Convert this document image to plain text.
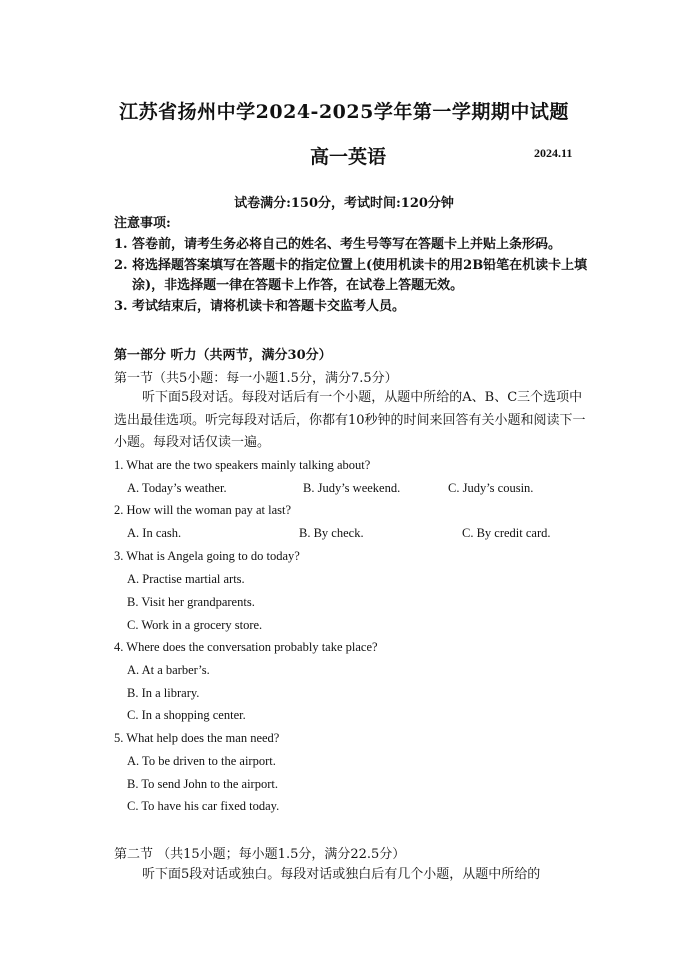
江苏省扬州中学2024-2025学年第一学期期中试题
高一英语	2024.11
试卷满分:150分，考试时间:120分钟
注意事项:
1. 答卷前，请考生务必将自己的姓名、考生号等写在答题卡上并贴上条形码。
2. 将选择题答案填写在答题卡的指定位置上(使用机读卡的用2B铅笔在机读卡上填涂)，非选择题一律在答题卡上作答，在试卷上答题无效。
3. 考试结束后，请将机读卡和答题卡交监考人员。
第一部分 听力（共两节，满分30分）
第一节（共5小题：每一小题1.5分，满分7.5分）
听下面5段对话。每段对话后有一个小题，从题中所给的A、B、C三个选项中选出最佳选项。听完每段对话后，你都有10秒钟的时间来回答有关小题和阅读下一小题。每段对话仅读一遍。
1. What are the two speakers mainly talking about?
A. Today’s weather.	B. Judy’s weekend.	C. Judy’s cousin.
2. How will the woman pay at last?
A. In cash.	B. By check.	C. By credit card.
3. What is Angela going to do today?
A. Practise martial arts.
B. Visit her grandparents.
C. Work in a grocery store.
4. Where does the conversation probably take place?
A. At a barber’s.
B. In a library.
C. In a shopping center.
5. What help does the man need?
A. To be driven to the airport.
B. To send John to the airport.
C. To have his car fixed today.
第二节 （共15小题；每小题1.5分，满分22.5分）
听下面5段对话或独白。每段对话或独白后有几个小题，从题中所给的
